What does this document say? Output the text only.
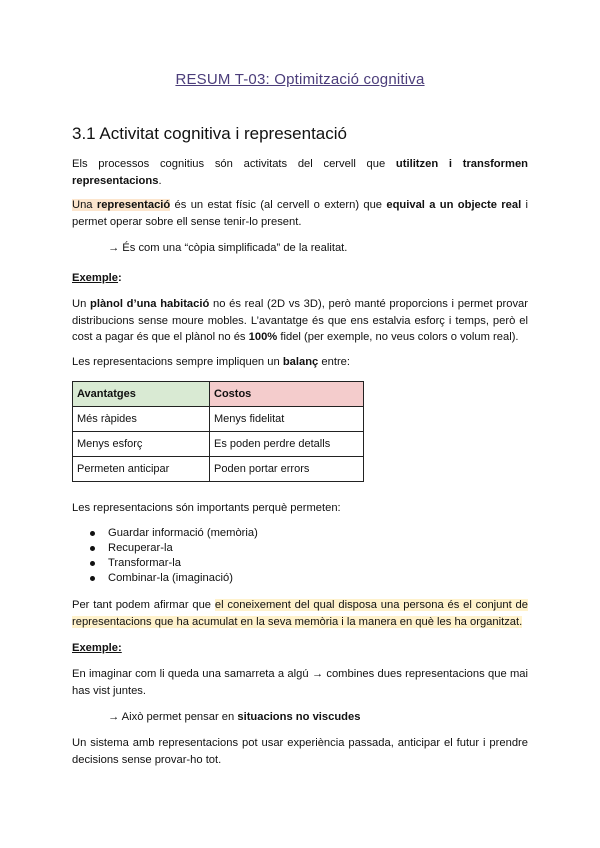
RESUM T-03: Optimització cognitiva
3.1 Activitat cognitiva i representació
Els processos cognitius són activitats del cervell que utilitzen i transformen representacions.
Una representació és un estat físic (al cervell o extern) que equival a un objecte real i permet operar sobre ell sense tenir-lo present.
→ És com una “còpia simplificada” de la realitat.
Exemple:
Un plànol d’una habitació no és real (2D vs 3D), però manté proporcions i permet provar distribucions sense moure mobles. L’avantatge és que ens estalvia esforç i temps, però el cost a pagar és que el plànol no és 100% fidel (per exemple, no veus colors o volum real).
Les representacions sempre impliquen un balanç entre:
Avantatges	Costos
Més ràpides	Menys fidelitat
Menys esforç	Es poden perdre detalls
Permeten anticipar	Poden portar errors
Les representacions són importants perquè permeten:
Guardar informació (memòria)
Recuperar-la
Transformar-la
Combinar-la (imaginació)
Per tant podem afirmar que el coneixement del qual disposa una persona és el conjunt de representacions que ha acumulat en la seva memòria i la manera en què les ha organitzat.
Exemple:
En imaginar com li queda una samarreta a algú → combines dues representacions que mai has vist juntes.
→ Això permet pensar en situacions no viscudes
Un sistema amb representacions pot usar experiència passada, anticipar el futur i prendre decisions sense provar-ho tot.
